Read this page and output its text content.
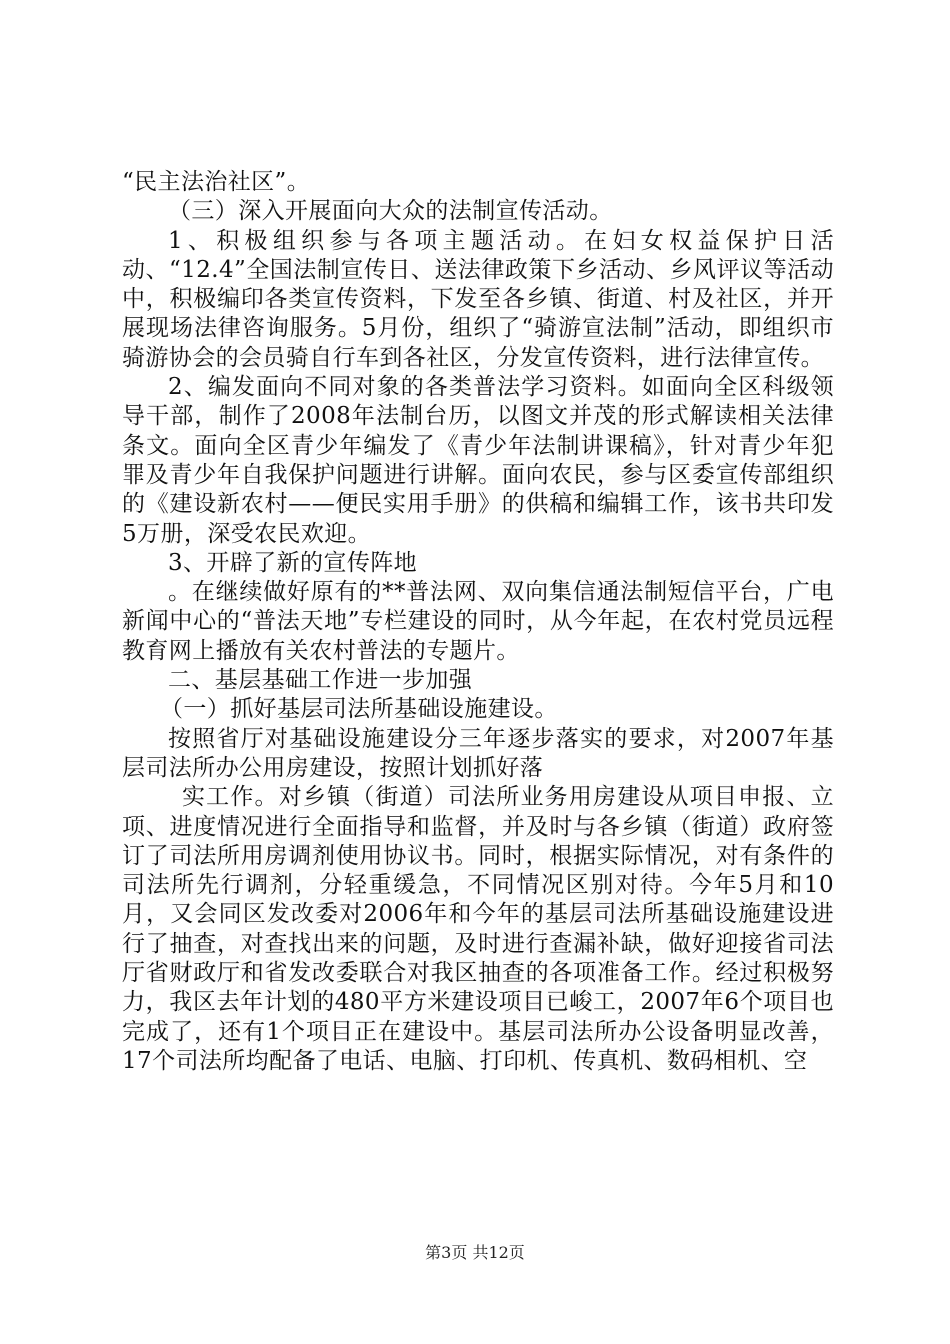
“民主法治社区”。

（三）深入开展面向大众的法制宣传活动。

1、积极组织参与各项主题活动。在妇女权益保护日活动、“12.4”全国法制宣传日、送法律政策下乡活动、乡风评议等活动中，积极编印各类宣传资料，下发至各乡镇、街道、村及社区，并开展现场法律咨询服务。5月份，组织了“骑游宣法制”活动，即组织市骑游协会的会员骑自行车到各社区，分发宣传资料，进行法律宣传。

2、编发面向不同对象的各类普法学习资料。如面向全区科级领导干部，制作了2008年法制台历，以图文并茂的形式解读相关法律条文。面向全区青少年编发了《青少年法制讲课稿》，针对青少年犯罪及青少年自我保护问题进行讲解。面向农民，参与区委宣传部组织的《建设新农村——便民实用手册》的供稿和编辑工作，该书共印发5万册，深受农民欢迎。

3、开辟了新的宣传阵地

。在继续做好原有的**普法网、双向集信通法制短信平台，广电新闻中心的“普法天地”专栏建设的同时，从今年起，在农村党员远程教育网上播放有关农村普法的专题片。

二、基层基础工作进一步加强

（一）抓好基层司法所基础设施建设。

按照省厅对基础设施建设分三年逐步落实的要求，对2007年基层司法所办公用房建设，按照计划抓好落

实工作。对乡镇（街道）司法所业务用房建设从项目申报、立项、进度情况进行全面指导和监督，并及时与各乡镇（街道）政府签订了司法所用房调剂使用协议书。同时，根据实际情况，对有条件的司法所先行调剂，分轻重缓急，不同情况区别对待。今年5月和10月，又会同区发改委对2006年和今年的基层司法所基础设施建设进行了抽查，对查找出来的问题，及时进行查漏补缺，做好迎接省司法厅省财政厅和省发改委联合对我区抽查的各项准备工作。经过积极努力，我区去年计划的480平方米建设项目已峻工，2007年6个项目也完成了，还有1个项目正在建设中。基层司法所办公设备明显改善，17个司法所均配备了电话、电脑、打印机、传真机、数码相机、空

第3页 共12页
